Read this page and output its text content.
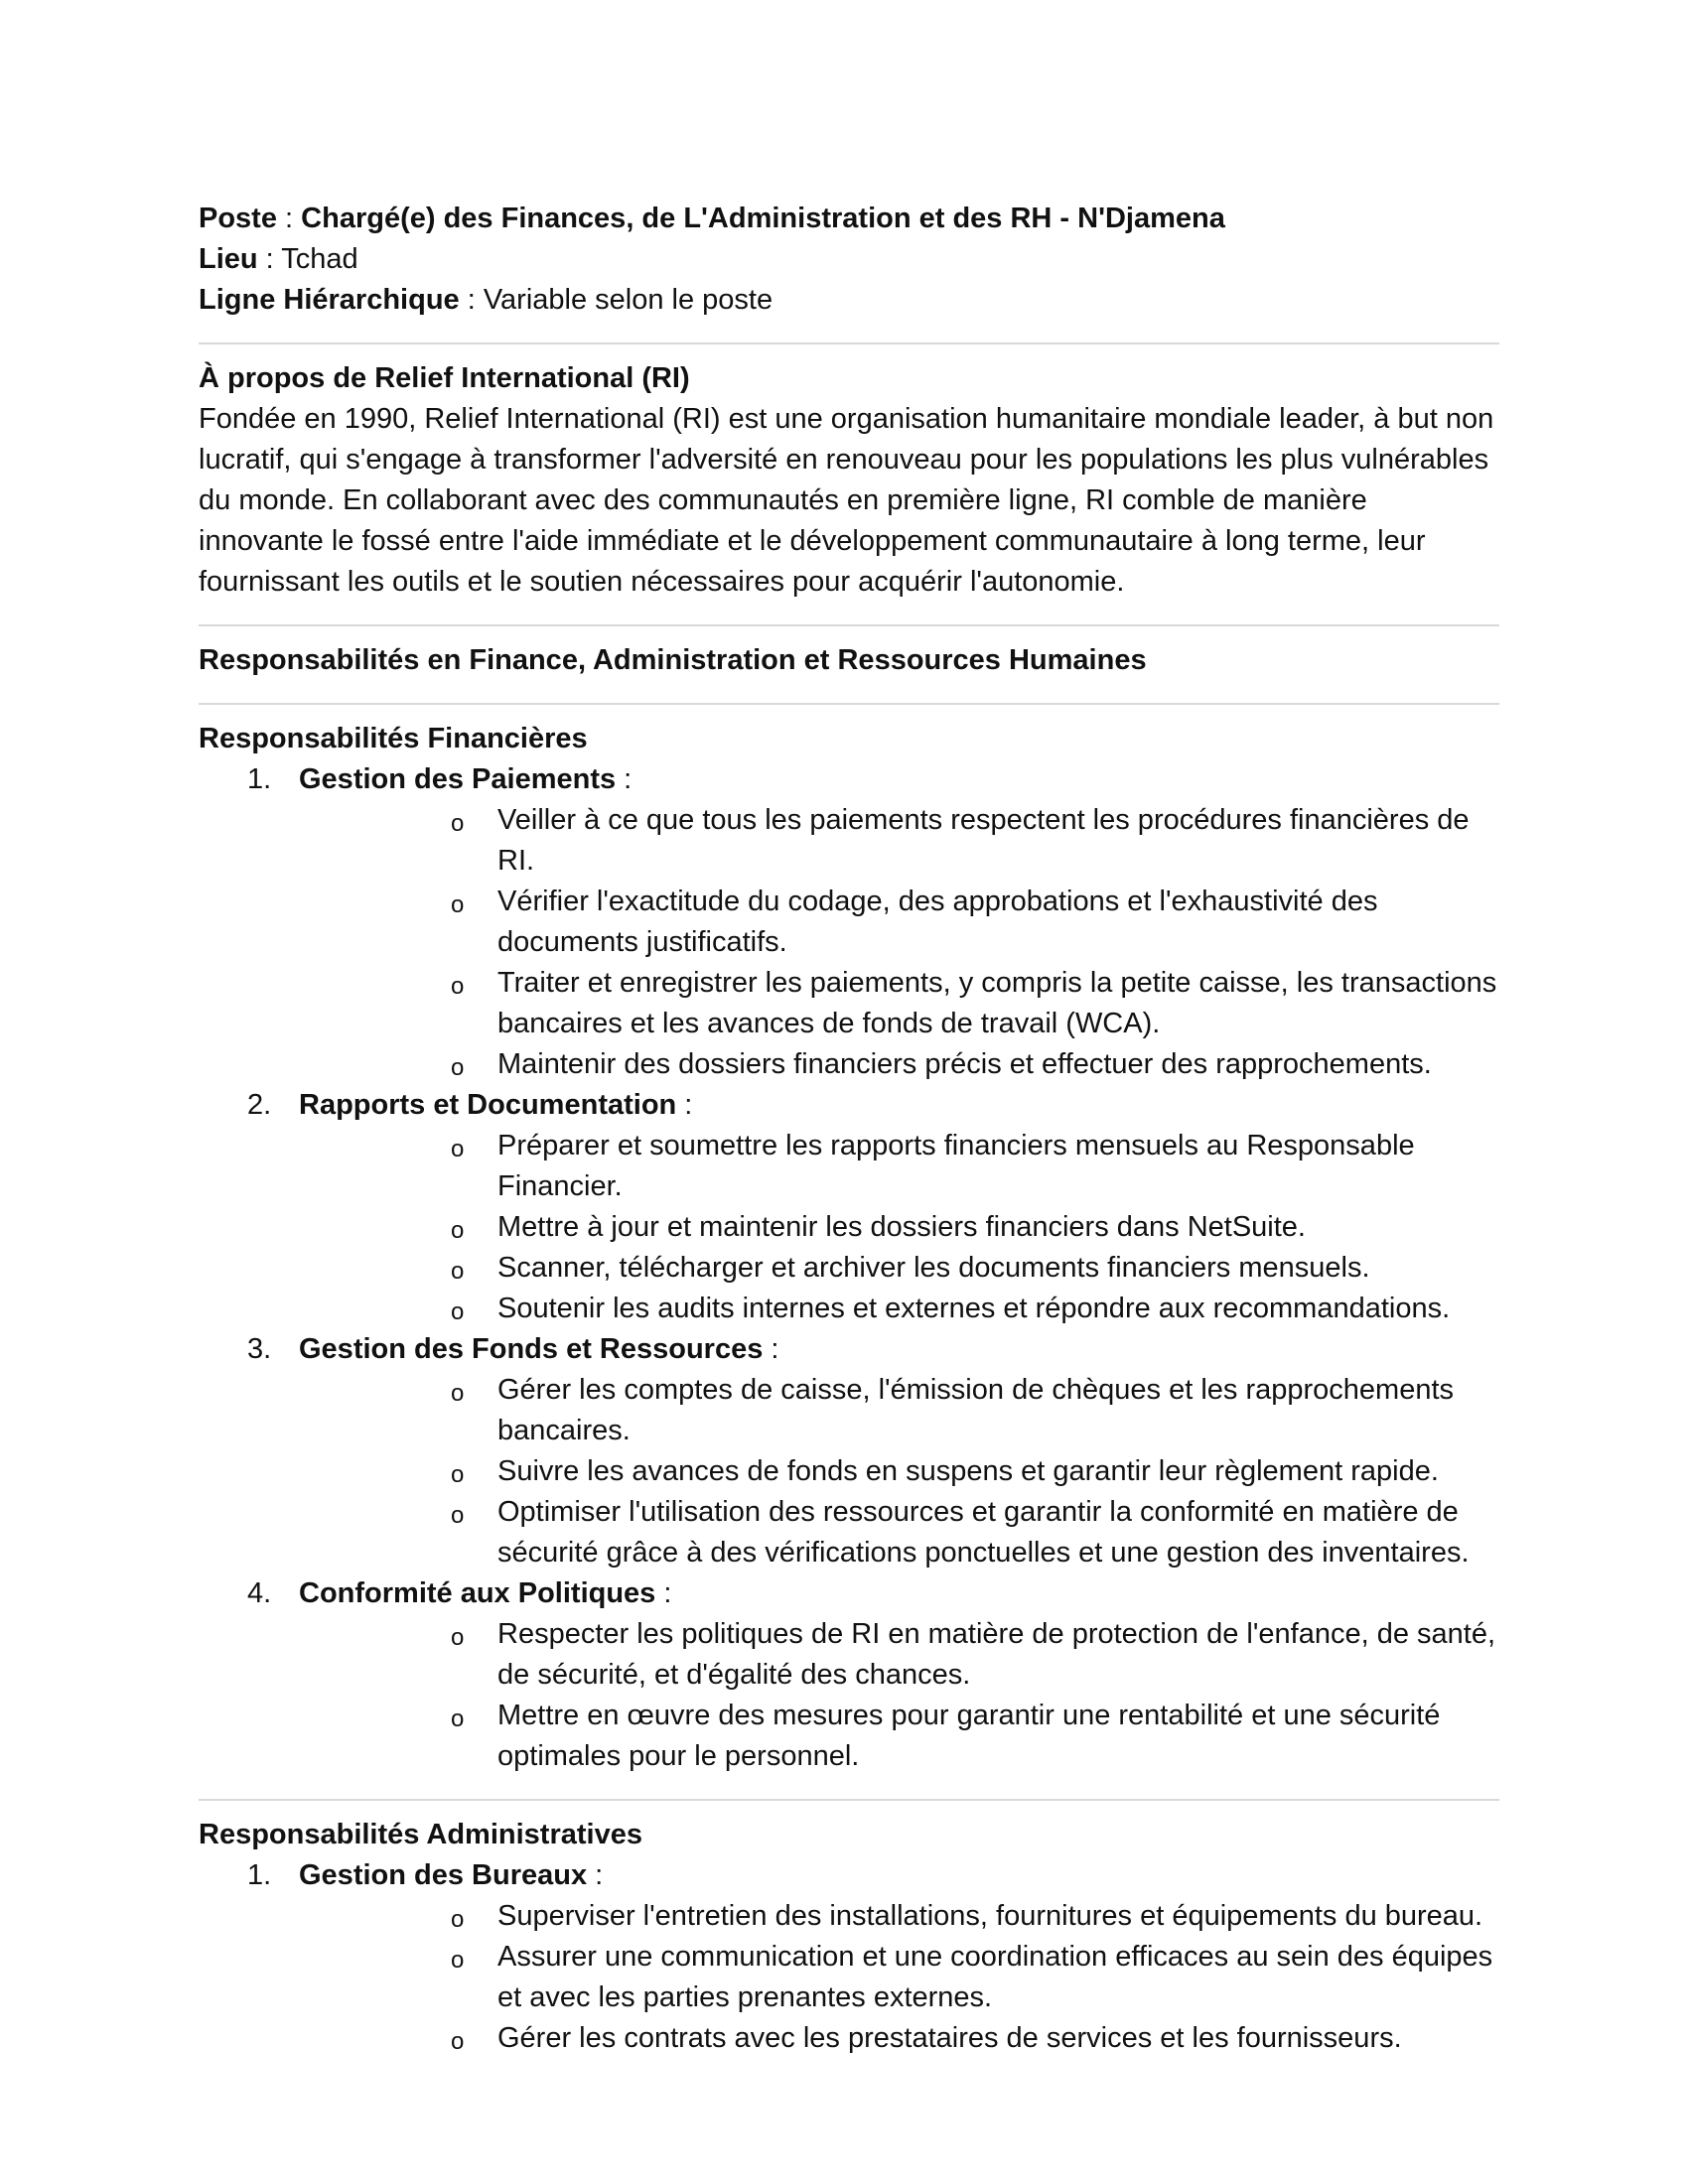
Poste : Chargé(e) des Finances, de L'Administration et des RH - N'Djamena
Lieu : Tchad
Ligne Hiérarchique : Variable selon le poste
À propos de Relief International (RI)
Fondée en 1990, Relief International (RI) est une organisation humanitaire mondiale leader, à but non lucratif, qui s'engage à transformer l'adversité en renouveau pour les populations les plus vulnérables du monde. En collaborant avec des communautés en première ligne, RI comble de manière innovante le fossé entre l'aide immédiate et le développement communautaire à long terme, leur fournissant les outils et le soutien nécessaires pour acquérir l'autonomie.
Responsabilités en Finance, Administration et Ressources Humaines
Responsabilités Financières
1. Gestion des Paiements :
o Veiller à ce que tous les paiements respectent les procédures financières de RI.
o Vérifier l'exactitude du codage, des approbations et l'exhaustivité des documents justificatifs.
o Traiter et enregistrer les paiements, y compris la petite caisse, les transactions bancaires et les avances de fonds de travail (WCA).
o Maintenir des dossiers financiers précis et effectuer des rapprochements.
2. Rapports et Documentation :
o Préparer et soumettre les rapports financiers mensuels au Responsable Financier.
o Mettre à jour et maintenir les dossiers financiers dans NetSuite.
o Scanner, télécharger et archiver les documents financiers mensuels.
o Soutenir les audits internes et externes et répondre aux recommandations.
3. Gestion des Fonds et Ressources :
o Gérer les comptes de caisse, l'émission de chèques et les rapprochements bancaires.
o Suivre les avances de fonds en suspens et garantir leur règlement rapide.
o Optimiser l'utilisation des ressources et garantir la conformité en matière de sécurité grâce à des vérifications ponctuelles et une gestion des inventaires.
4. Conformité aux Politiques :
o Respecter les politiques de RI en matière de protection de l'enfance, de santé, de sécurité, et d'égalité des chances.
o Mettre en œuvre des mesures pour garantir une rentabilité et une sécurité optimales pour le personnel.
Responsabilités Administratives
1. Gestion des Bureaux :
o Superviser l'entretien des installations, fournitures et équipements du bureau.
o Assurer une communication et une coordination efficaces au sein des équipes et avec les parties prenantes externes.
o Gérer les contrats avec les prestataires de services et les fournisseurs.
